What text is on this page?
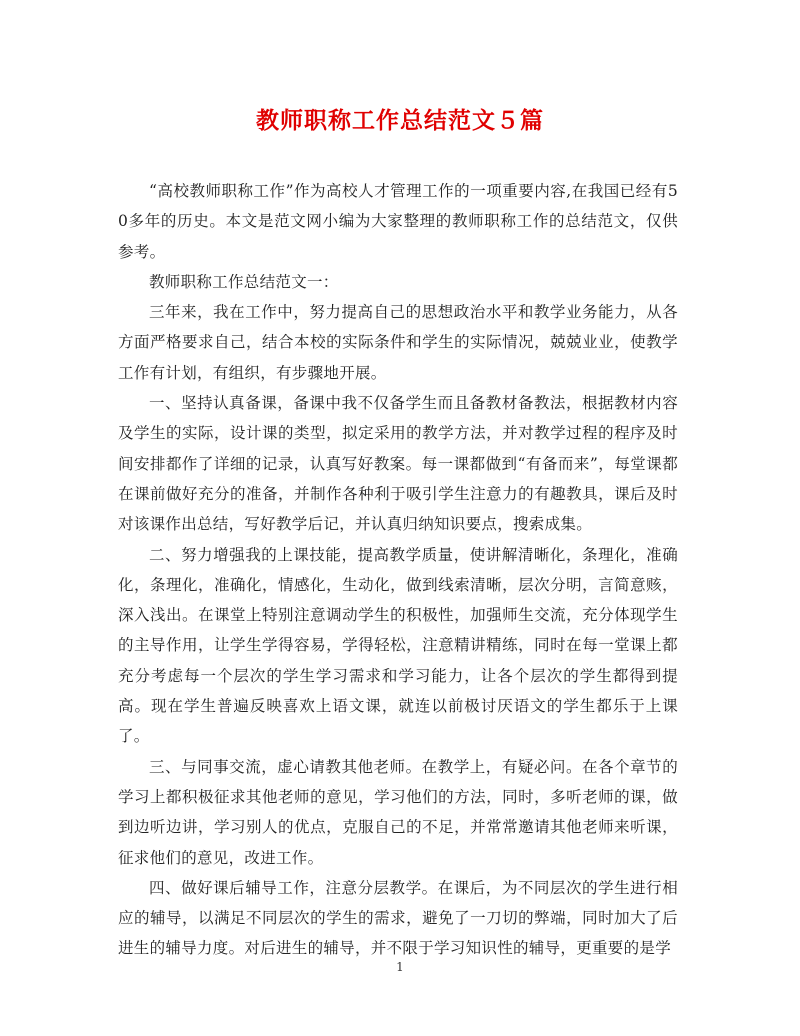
教师职称工作总结范文５篇

“高校教师职称工作”作为高校人才管理工作的一项重要内容,在我国已经有50多年的历史。本文是范文网小编为大家整理的教师职称工作的总结范文，仅供参考。

教师职称工作总结范文一：

三年来，我在工作中，努力提高自己的思想政治水平和教学业务能力，从各方面严格要求自己，结合本校的实际条件和学生的实际情况，兢兢业业，使教学工作有计划，有组织，有步骤地开展。

一、坚持认真备课，备课中我不仅备学生而且备教材备教法，根据教材内容及学生的实际，设计课的类型，拟定采用的教学方法，并对教学过程的程序及时间安排都作了详细的记录，认真写好教案。每一课都做到“有备而来”，每堂课都在课前做好充分的准备，并制作各种利于吸引学生注意力的有趣教具，课后及时对该课作出总结，写好教学后记，并认真归纳知识要点，搜索成集。

二、努力增强我的上课技能，提高教学质量，使讲解清晰化，条理化，准确化，条理化，准确化，情感化，生动化，做到线索清晰，层次分明，言简意赅，深入浅出。在课堂上特别注意调动学生的积极性，加强师生交流，充分体现学生的主导作用，让学生学得容易，学得轻松，注意精讲精练，同时在每一堂课上都充分考虑每一个层次的学生学习需求和学习能力，让各个层次的学生都得到提高。现在学生普遍反映喜欢上语文课，就连以前极讨厌语文的学生都乐于上课了。

三、与同事交流，虚心请教其他老师。在教学上，有疑必问。在各个章节的学习上都积极征求其他老师的意见，学习他们的方法，同时，多听老师的课，做到边听边讲，学习别人的优点，克服自己的不足，并常常邀请其他老师来听课，征求他们的意见，改进工作。

四、做好课后辅导工作，注意分层教学。在课后，为不同层次的学生进行相应的辅导，以满足不同层次的学生的需求，避免了一刀切的弊端，同时加大了后进生的辅导力度。对后进生的辅导，并不限于学习知识性的辅导，更重要的是学

1
